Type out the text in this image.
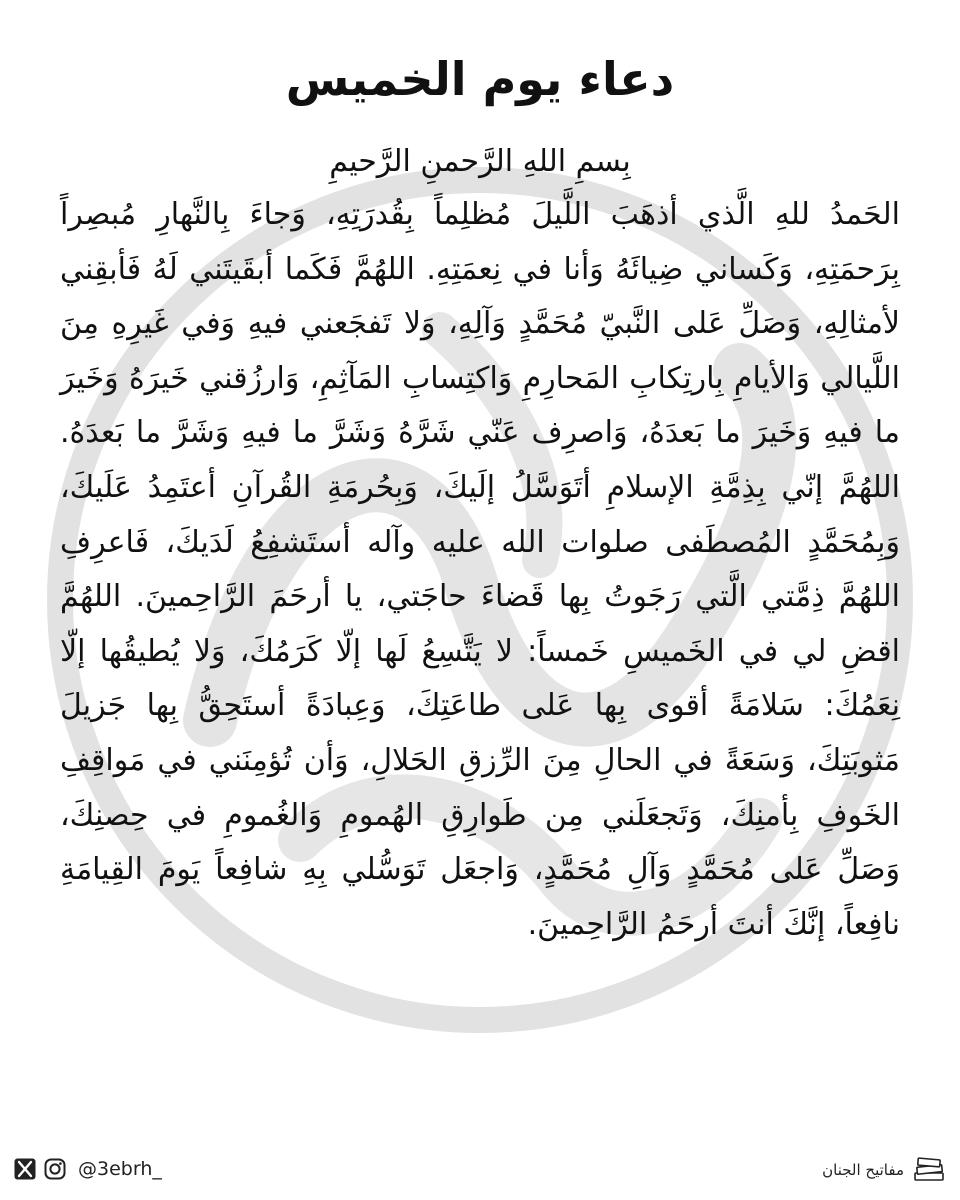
دعاء يوم الخميس
بِسمِ اللهِ الرَّحمنِ الرَّحيمِ
الحَمدُ للهِ الَّذي أذهَبَ اللَّيلَ مُظلِماً بِقُدرَتِهِ، وَجاءَ بِالنَّهارِ مُبصِراً بِرَحمَتِهِ، وَكَساني ضِيائَهُ وَأنا في نِعمَتِهِ. اللهُمَّ فَكَما أبقَيتَني لَهُ فَأبقِني لأمثالِهِ، وَصَلِّ عَلى النَّبيّ مُحَمَّدٍ وَآلِهِ، وَلا تَفجَعني فيهِ وَفي غَيرِهِ مِنَ اللَّيالي وَالأيامِ بِارتِكابِ المَحارِمِ وَاكتِسابِ المَآثِمِ، وَارزُقني خَيرَهُ وَخَيرَ ما فيهِ وَخَيرَ ما بَعدَهُ، وَاصرِف عَنّي شَرَّهُ وَشَرَّ ما فيهِ وَشَرَّ ما بَعدَهُ. اللهُمَّ إنّي بِذِمَّةِ الإسلامِ أتَوَسَّلُ إلَيكَ، وَبِحُرمَةِ القُرآنِ أعتَمِدُ عَلَيكَ، وَبِمُحَمَّدٍ المُصطَفى صلوات الله عليه وآله أستَشفِعُ لَدَيكَ، فَاعرِفِ اللهُمَّ ذِمَّتي الَّتي رَجَوتُ بِها قَضاءَ حاجَتي، يا أرحَمَ الرَّاحِمينَ. اللهُمَّ اقضِ لي في الخَميسِ خَمساً: لا يَتَّسِعُ لَها إلّا كَرَمُكَ، وَلا يُطيقُها إلّا نِعَمُكَ: سَلامَةً أقوى بِها عَلى طاعَتِكَ، وَعِبادَةً أستَحِقُّ بِها جَزيلَ مَثوبَتِكَ، وَسَعَةً في الحالِ مِنَ الرِّزقِ الحَلالِ، وَأن تُؤمِنَني في مَواقِفِ الخَوفِ بِأمنِكَ، وَتَجعَلَني مِن طَوارِقِ الهُمومِ وَالغُمومِ في حِصنِكَ، وَصَلِّ عَلى مُحَمَّدٍ وَآلِ مُحَمَّدٍ، وَاجعَل تَوَسُّلي بِهِ شافِعاً يَومَ القِيامَةِ نافِعاً، إنَّكَ أنتَ أرحَمُ الرَّاحِمينَ.
@3ebrh_	مفاتيح الجنان
